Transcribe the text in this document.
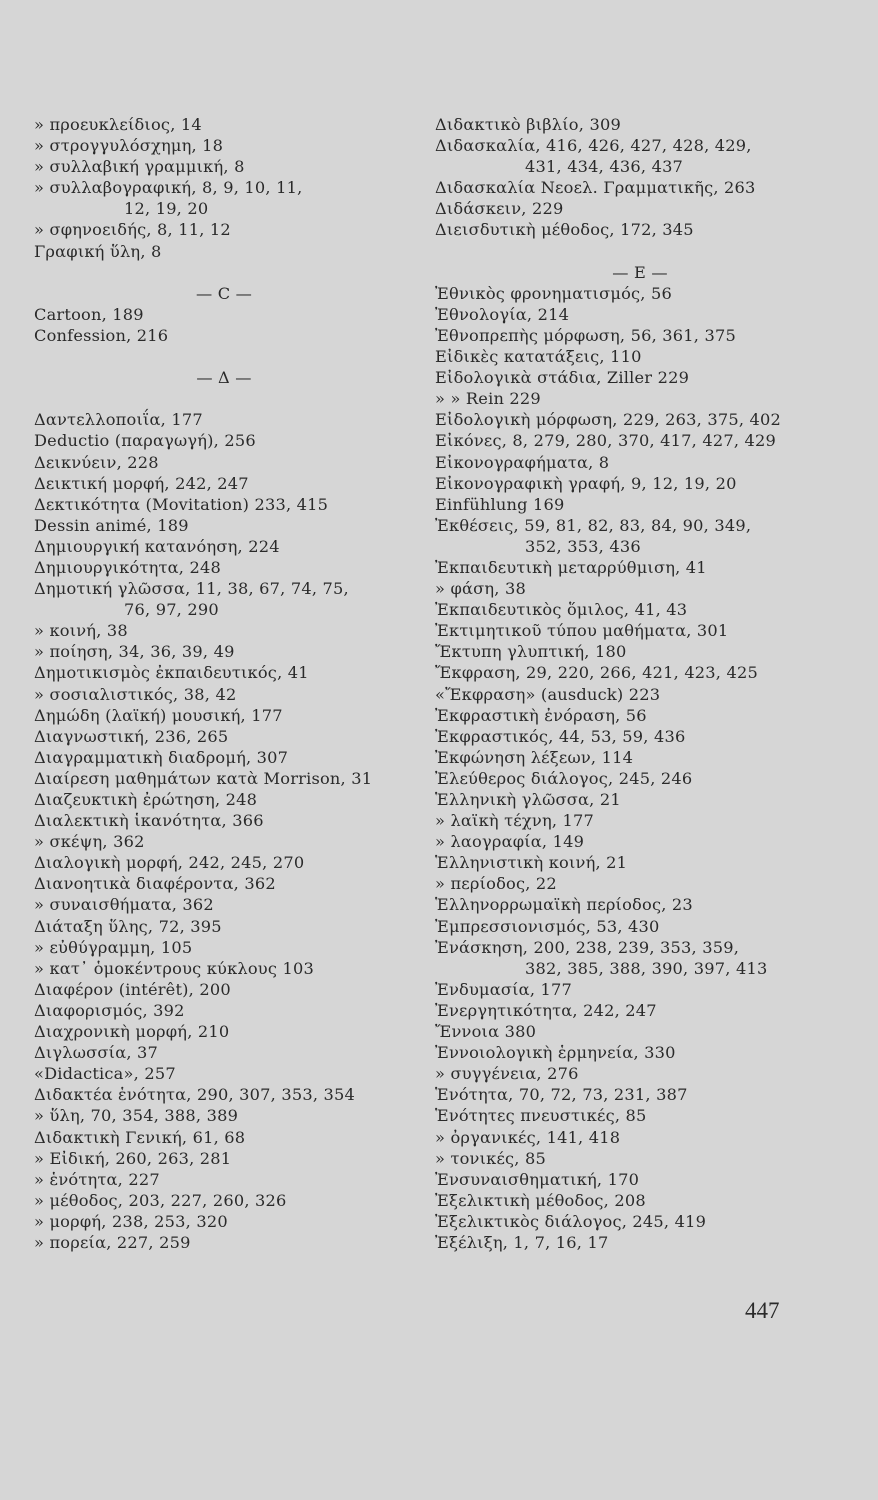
» προευκλείδιος, 14
» στρογγυλόσχημη, 18
» συλλαβική γραμμική, 8
» συλλαβογραφική, 8, 9, 10, 11,
12, 19, 20
» σφηνοειδής, 8, 11, 12
Γραφική ὕλη, 8
— C —
Cartoon, 189
Confession, 216
— Δ —
Δαντελλοποιΐα, 177
Deductio (παραγωγή), 256
Δεικνύειν, 228
Δεικτική μορφή, 242, 247
Δεκτικότητα (Movitation) 233, 415
Dessin animé, 189
Δημιουργική κατανόηση, 224
Δημιουργικότητα, 248
Δημοτική γλῶσσα, 11, 38, 67, 74, 75,
76, 97, 290
» κοινή, 38
» ποίηση, 34, 36, 39, 49
Δημοτικισμὸς ἐκπαιδευτικός, 41
» σοσιαλιστικός, 38, 42
Δημώδη (λαϊκή) μουσική, 177
Διαγνωστική, 236, 265
Διαγραμματικὴ διαδρομή, 307
Διαίρεση μαθημάτων κατὰ Morrison, 31
Διαζευκτικὴ ἐρώτηση, 248
Διαλεκτικὴ ἱκανότητα, 366
» σκέψη, 362
Διαλογικὴ μορφή, 242, 245, 270
Διανοητικὰ διαφέροντα, 362
» συναισθήματα, 362
Διάταξη ὕλης, 72, 395
» εὐθύγραμμη, 105
» κατ᾽ ὁμοκέντρους κύκλους 103
Διαφέρον (intérêt), 200
Διαφορισμός, 392
Διαχρονικὴ μορφή, 210
Διγλωσσία, 37
«Didactica», 257
Διδακτέα ἑνότητα, 290, 307, 353, 354
» ὕλη, 70, 354, 388, 389
Διδακτικὴ Γενική, 61, 68
» Εἰδική, 260, 263, 281
» ἑνότητα, 227
» μέθοδος, 203, 227, 260, 326
» μορφή, 238, 253, 320
» πορεία, 227, 259
Διδακτικὸ βιβλίο, 309
Διδασκαλία, 416, 426, 427, 428, 429,
431, 434, 436, 437
Διδασκαλία Νεοελ. Γραμματικῆς, 263
Διδάσκειν, 229
Διεισδυτικὴ μέθοδος, 172, 345
— E —
Ἐθνικὸς φρονηματισμός, 56
Ἐθνολογία, 214
Ἐθνοπρεπὴς μόρφωση, 56, 361, 375
Εἰδικὲς κατατάξεις, 110
Εἰδολογικὰ στάδια, Ziller 229
» » Rein 229
Εἰδολογικὴ μόρφωση, 229, 263, 375, 402
Εἰκόνες, 8, 279, 280, 370, 417, 427, 429
Εἰκονογραφήματα, 8
Εἰκονογραφικὴ γραφή, 9, 12, 19, 20
Einfühlung 169
Ἐκθέσεις, 59, 81, 82, 83, 84, 90, 349,
352, 353, 436
Ἐκπαιδευτικὴ μεταρρύθμιση, 41
» φάση, 38
Ἐκπαιδευτικὸς ὅμιλος, 41, 43
Ἐκτιμητικοῦ τύπου μαθήματα, 301
Ἔκτυπη γλυπτική, 180
Ἔκφραση, 29, 220, 266, 421, 423, 425
«Ἔκφραση» (ausduck) 223
Ἐκφραστικὴ ἐνόραση, 56
Ἐκφραστικός, 44, 53, 59, 436
Ἐκφώνηση λέξεων, 114
Ἐλεύθερος διάλογος, 245, 246
Ἑλληνικὴ γλῶσσα, 21
» λαϊκὴ τέχνη, 177
» λαογραφία, 149
Ἑλληνιστικὴ κοινή, 21
» περίοδος, 22
Ἑλληνορρωμαϊκὴ περίοδος, 23
Ἐμπρεσσιονισμός, 53, 430
Ἐνάσκηση, 200, 238, 239, 353, 359,
382, 385, 388, 390, 397, 413
Ἐνδυμασία, 177
Ἐνεργητικότητα, 242, 247
Ἔννοια 380
Ἐννοιολογικὴ ἑρμηνεία, 330
» συγγένεια, 276
Ἑνότητα, 70, 72, 73, 231, 387
Ἑνότητες πνευστικές, 85
» ὀργανικές, 141, 418
» τονικές, 85
Ἐνσυναισθηματική, 170
Ἐξελικτικὴ μέθοδος, 208
Ἐξελικτικὸς διάλογος, 245, 419
Ἐξέλιξη, 1, 7, 16, 17
447
